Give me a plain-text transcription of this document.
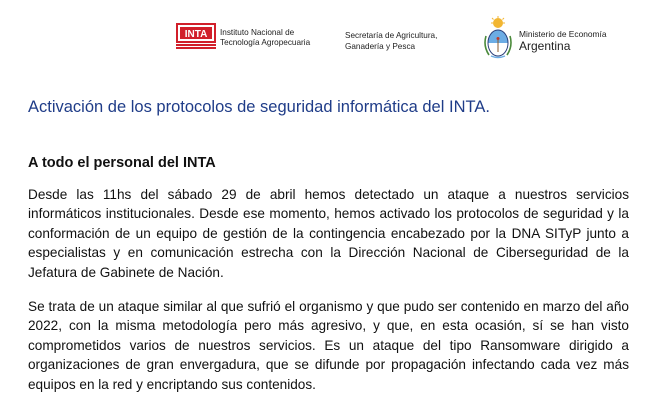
INTA Instituto Nacional de
Tecnología Agropecuaria
Secretaría de Agricultura,
Ganadería y Pesca
Ministerio de Economía
Argentina
Activación de los protocolos de seguridad informática del INTA.
A todo el personal del INTA

Desde las 11hs del sábado 29 de abril hemos detectado un ataque a nuestros servicios informáticos institucionales. Desde ese momento, hemos activado los protocolos de seguridad y la conformación de un equipo de gestión de la contingencia encabezado por la DNA SITyP junto a especialistas y en comunicación estrecha con la Dirección Nacional de Ciberseguridad de la Jefatura de Gabinete de Nación.

Se trata de un ataque similar al que sufrió el organismo y que pudo ser contenido en marzo del año 2022, con la misma metodología pero más agresivo, y que, en esta ocasión, sí se han visto comprometidos varios de nuestros servicios. Es un ataque del tipo Ransomware dirigido a organizaciones de gran envergadura, que se difunde por propagación infectando cada vez más equipos en la red y encriptando sus contenidos.
